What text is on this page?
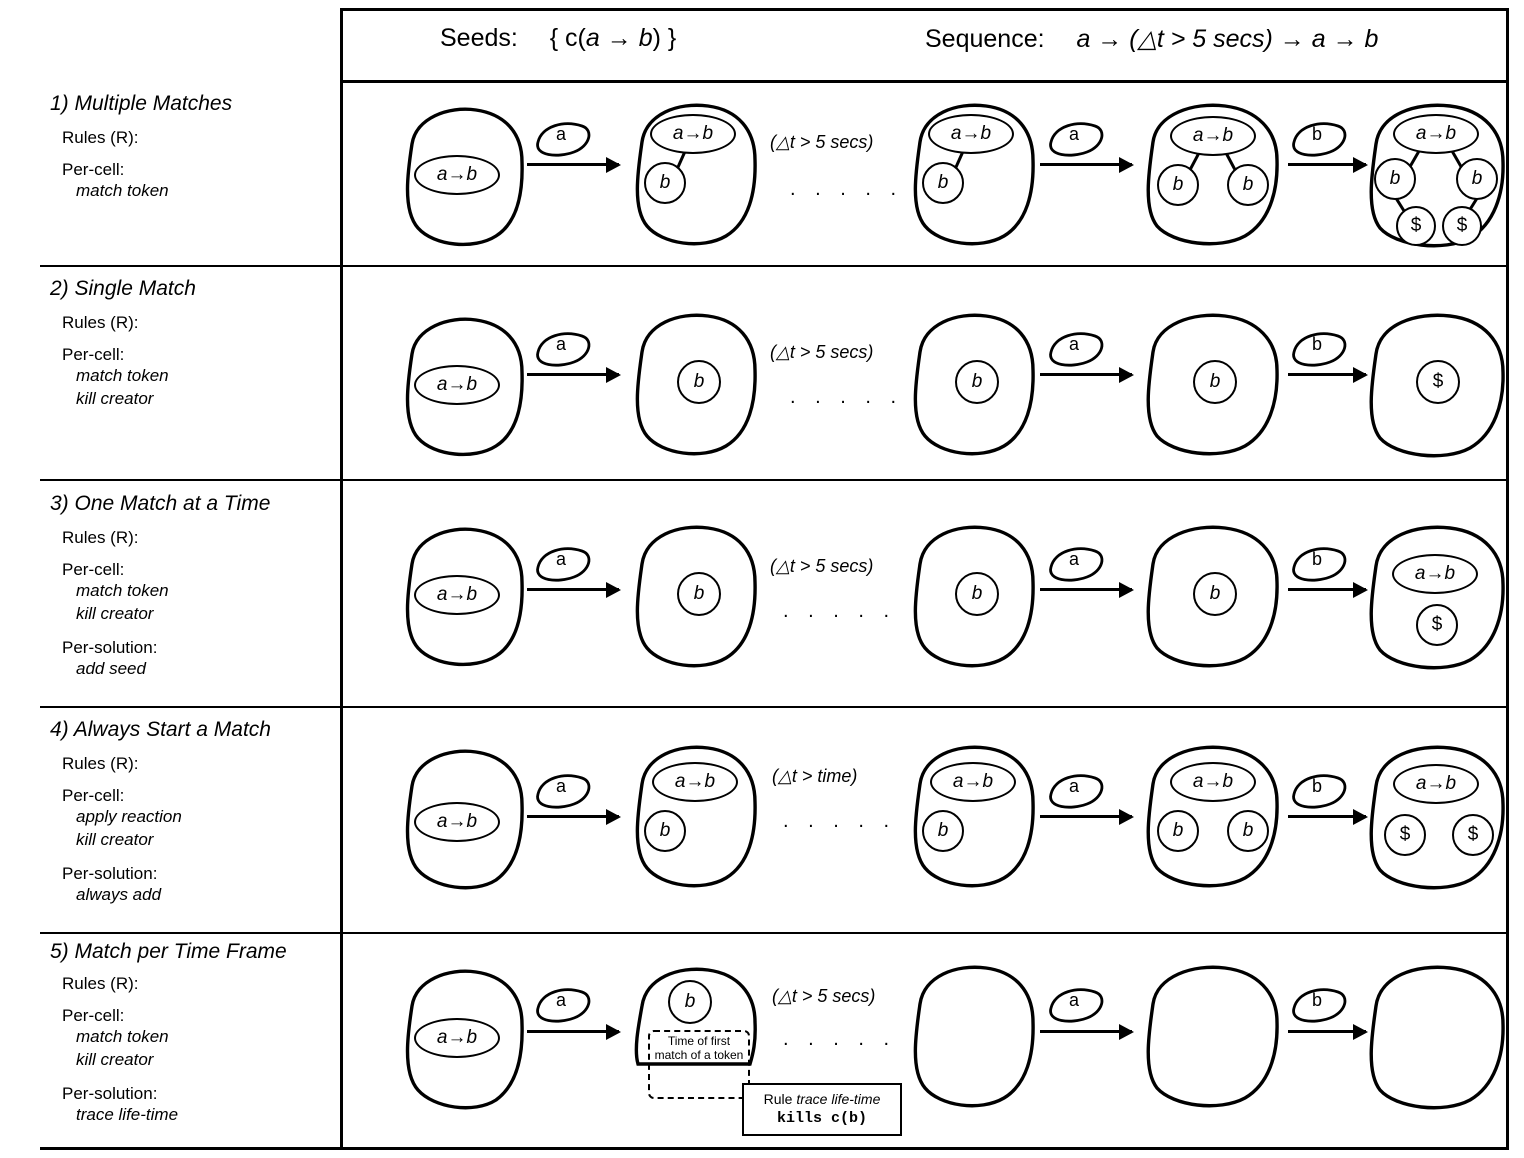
Seeds: { c(a → b) }	Sequence: a → (△t > 5 secs) → a → b
1) Multiple Matches
Rules (R):
Per-cell:
match token
a→b
a	a→b
b
(△t > 5 secs)
. . . . .
a→b
b
a	a→b
b	b
b	a→b
b	b
$	$
2) Single Match
Rules (R):
Per-cell:
match token
kill creator
a→b
a
b
(△t > 5 secs)
. . . . .
b
a
b
b
$
3) One Match at a Time
Rules (R):
Per-cell:
match token
kill creator
Per-solution:
add seed
a→b
a
b
(△t > 5 secs)
. . . . .
b
a
b
b
a→b
$
4) Always Start a Match
Rules (R):
Per-cell:
apply reaction
kill creator
Per-solution:
always add
a→b
a	a→b
b
(△t > time)
. . . . .
a→b
b
a	a→b
b	b
b	a→b
$	$
5) Match per Time Frame
Rules (R):
Per-cell:
match token
kill creator
Per-solution:
trace life-time
a→b
a	b
Time of first match of a token
(△t > 5 secs)
. . . . .
Rule trace life-time
kills c(b)
a	b
